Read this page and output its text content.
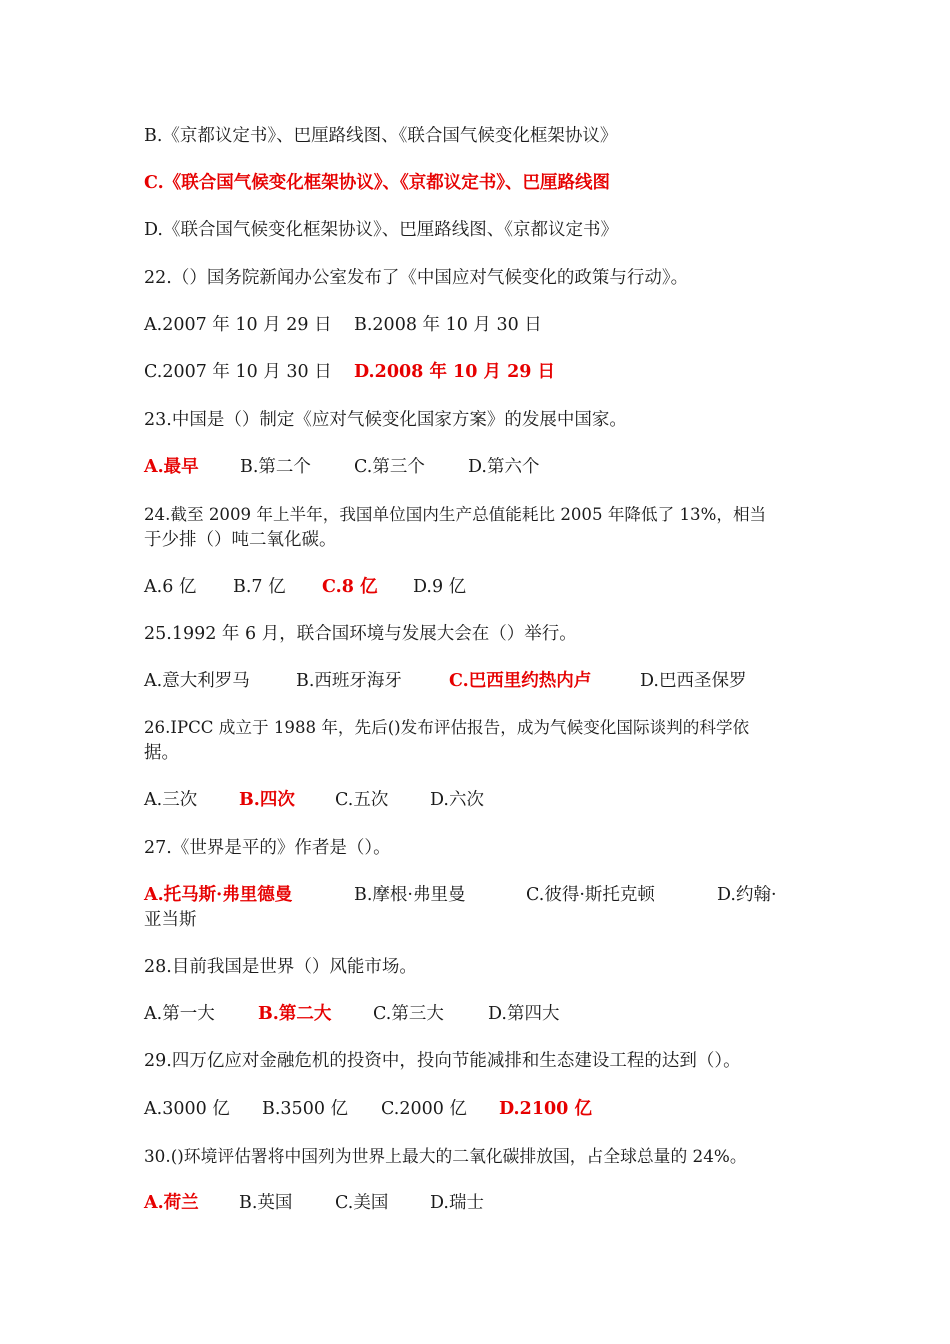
B.《京都议定书》、巴厘路线图、《联合国气候变化框架协议》
C.《联合国气候变化框架协议》、《京都议定书》、巴厘路线图
D.《联合国气候变化框架协议》、巴厘路线图、《京都议定书》
22.（）国务院新闻办公室发布了《中国应对气候变化的政策与行动》。
A.2007 年 10 月 29 日 B.2008 年 10 月 30 日
C.2007 年 10 月 30 日 D.2008 年 10 月 29 日
23.中国是（）制定《应对气候变化国家方案》的发展中国家。
A.最早 B.第二个 C.第三个 D.第六个
24.截至 2009 年上半年，我国单位国内生产总值能耗比 2005 年降低了 13%，相当
于少排（）吨二氧化碳。
A.6 亿 B.7 亿 C.8 亿 D.9 亿
25.1992 年 6 月，联合国环境与发展大会在（）举行。
A.意大利罗马	B.西班牙海牙	C.巴西里约热内卢	D.巴西圣保罗
26.IPCC 成立于 1988 年，先后()发布评估报告，成为气候变化国际谈判的科学依
据。
A.三次 B.四次 C.五次 D.六次
27.《世界是平的》作者是（）。
A.托马斯·弗里德曼	B.摩根·弗里曼	C.彼得·斯托克顿	D.约翰·
亚当斯
28.目前我国是世界（）风能市场。
A.第一大 B.第二大 C.第三大	D.第四大
29.四万亿应对金融危机的投资中，投向节能减排和生态建设工程的达到（）。
A.3000 亿 B.3500 亿 C.2000 亿 D.2100 亿
30.()环境评估署将中国列为世界上最大的二氧化碳排放国，占全球总量的 24%。
A.荷兰 B.英国 C.美国 D.瑞士
